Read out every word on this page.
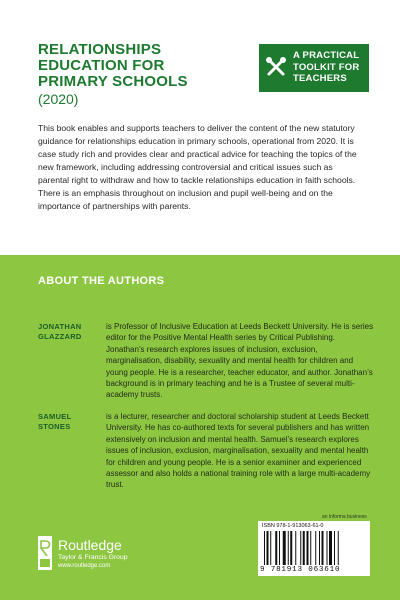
RELATIONSHIPS
EDUCATION FOR
PRIMARY SCHOOLS
(2020)
A PRACTICAL
TOOLKIT FOR
TEACHERS
This book enables and supports teachers to deliver the content of the new statutory guidance for relationships education in primary schools, operational from 2020. It is case study rich and provides clear and practical advice for teaching the topics of the new framework, including addressing controversial and critical issues such as parental right to withdraw and how to tackle relationships education in faith schools. There is an emphasis throughout on inclusion and pupil well-being and on the importance of partnerships with parents.
ABOUT THE AUTHORS
JONATHAN
GLAZZARD
is Professor of Inclusive Education at Leeds Beckett University. He is series editor for the Positive Mental Health series by Critical Publishing. Jonathan’s research explores issues of inclusion, exclusion, marginalisation, disability, sexuality and mental health for children and young people. He is a researcher, teacher educator, and author. Jonathan’s background is in primary teaching and he is a Trustee of several multi-academy trusts.
SAMUEL
STONES
is a lecturer, researcher and doctoral scholarship student at Leeds Beckett University. He has co-authored texts for several publishers and has written extensively on inclusion and mental health. Samuel’s research explores issues of inclusion, exclusion, marginalisation, sexuality and mental health for children and young people. He is a senior examiner and experienced assessor and also holds a national training role with a large multi-academy trust.
Routledge
Taylor & Francis Group
www.routledge.com
an informa business
ISBN 978-1-913063-61-0
9 781913 063610
